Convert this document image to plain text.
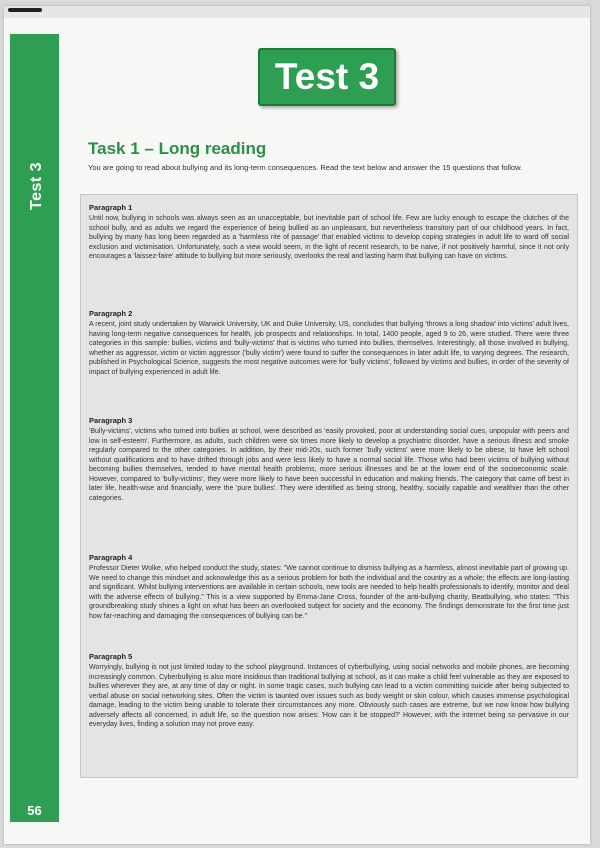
Test 3
56
Test 3
Task 1 – Long reading

You are going to read about bullying and its long-term consequences. Read the text below and answer the 15 questions that follow.

Paragraph 1

Until now, bullying in schools was always seen as an unacceptable, but inevitable part of school life. Few are lucky enough to escape the clutches of the school bully, and as adults we regard the experience of being bullied as an unpleasant, but nevertheless transitory part of our childhood years. In fact, bullying by many has long been regarded as a 'harmless rite of passage' that enabled victims to develop coping strategies in adult life to ward off social exclusion and victimisation. Unfortunately, such a view would seem, in the light of recent research, to be naive, if not positively harmful, since it not only encourages a 'laissez-faire' attitude to bullying but more seriously, overlooks the real and lasting harm that bullying can have on victims.

Paragraph 2

A recent, joint study undertaken by Warwick University, UK and Duke University, US, concludes that bullying 'throws a long shadow' into victims' adult lives, having long-term negative consequences for health, job prospects and relationships. In total, 1400 people, aged 9 to 26, were studied. There were three categories in this sample: bullies, victims and 'bully-victims' that is victims who turned into bullies, themselves. Interestingly, all those involved in bullying, whether as aggressor, victim or victim aggressor ('bully victim') were found to suffer the consequences in later adult life, to varying degrees. The research, published in Psychological Science, suggests the most negative outcomes were for 'bully victims', followed by victims and bullies, in order of the severity of impact of bullying experienced in adult life.

Paragraph 3

'Bully-victims', victims who turned into bullies at school, were described as 'easily provoked, poor at understanding social cues, unpopular with peers and low in self-esteem'. Furthermore, as adults, such children were six times more likely to develop a psychiatric disorder, have a serious illness and smoke regularly compared to the other categories. In addition, by their mid-20s, such former 'bully victims' were more likely to be obese, to have left school without qualifications and to have drifted through jobs and were less likely to have a normal social life. Those who had been victims of bullying without becoming bullies themselves, tended to have mental health problems, more serious illnesses and be at the lower end of the socioeconomic scale. However, compared to 'bully-victims', they were more likely to have been successful in education and making friends. The category that came off best in later life, health-wise and financially, were the 'pure bullies'. They were identified as being strong, healthy, socially capable and wealthier than the other categories.

Paragraph 4

Professor Dieter Wolke, who helped conduct the study, states: "We cannot continue to dismiss bullying as a harmless, almost inevitable part of growing up. We need to change this mindset and acknowledge this as a serious problem for both the individual and the country as a whole; the effects are long-lasting and significant. Whilst bullying interventions are available in certain schools, new tools are needed to help health professionals to identify, monitor and deal with the adverse effects of bullying." This is a view supported by Emma-Jane Cross, founder of the anti-bullying charity, Beatbullying, who states: "This groundbreaking study shines a light on what has been an overlooked subject for society and the economy. The findings demonstrate for the first time just how far-reaching and damaging the consequences of bullying can be."

Paragraph 5

Worryingly, bullying is not just limited today to the school playground. Instances of cyberbullying, using social networks and mobile phones, are becoming increasingly common. Cyberbullying is also more insidious than traditional bullying at school, as it can make a child feel vulnerable as they are exposed to bullies wherever they are, at any time of day or night. In some tragic cases, such bullying can lead to a victim committing suicide after being subjected to verbal abuse on social networking sites. Often the victim is taunted over issues such as body weight or skin colour, which causes immense psychological damage, leading to the victim being unable to tolerate their circumstances any more. Obviously such cases are extreme, but we now know how bullying adversely affects all concerned, in adult life, so the question now arises: 'How can it be stopped?' However, with the internet being so pervasive in our everyday lives, finding a solution may not prove easy.
